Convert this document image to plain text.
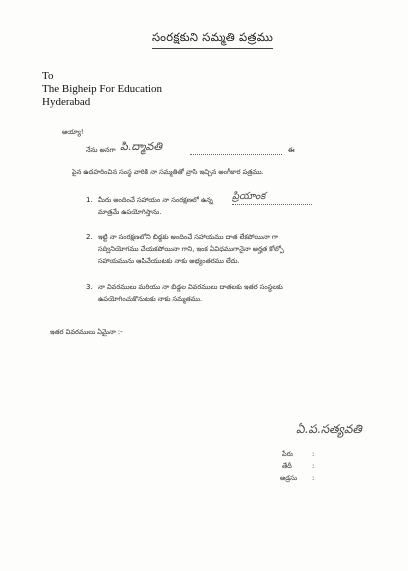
సంరక్షకుని సమ్మతి పత్రము
To
The Bigheip For Education
Hyderabad
అయ్యా!
నేను అనగా పి.ద్మావతి	ఈ
పైన ఉదహరించిన సంస్థ వారికి నా సమ్మతితో వ్రాసి ఇచ్చిన అంగీకార పత్రము.
1. మీరు అందించే సహాయం నా సంరక్షణలో ఉన్న ప్రియాంక
మాత్రమే ఉపయోగిస్తాను.
2. ఇట్టి నా సంరక్షణలోని బిడ్డకు అందించే సహాయము దాత లేకపోయినా గా
సద్వినియోగము చేయకపోయినా గాని, ఇంక ఏవిధముగానైనా అర్హత కోల్పో
సహాయమును ఆపివేయుటకు నాకు అభ్యంతరము లేదు.
3. నా వివరములు మరియు నా బిడ్డల వివరములు దాతలకు ఇతర సంస్థలకు
ఉపయోగించుకొనుటకు నాకు సమ్మతము.
ఇతర వివరములు ఏమైనా :-
ఏ.ప.సత్యవతి
పేరు	:
తేదీ	:
అడ్రసు :
